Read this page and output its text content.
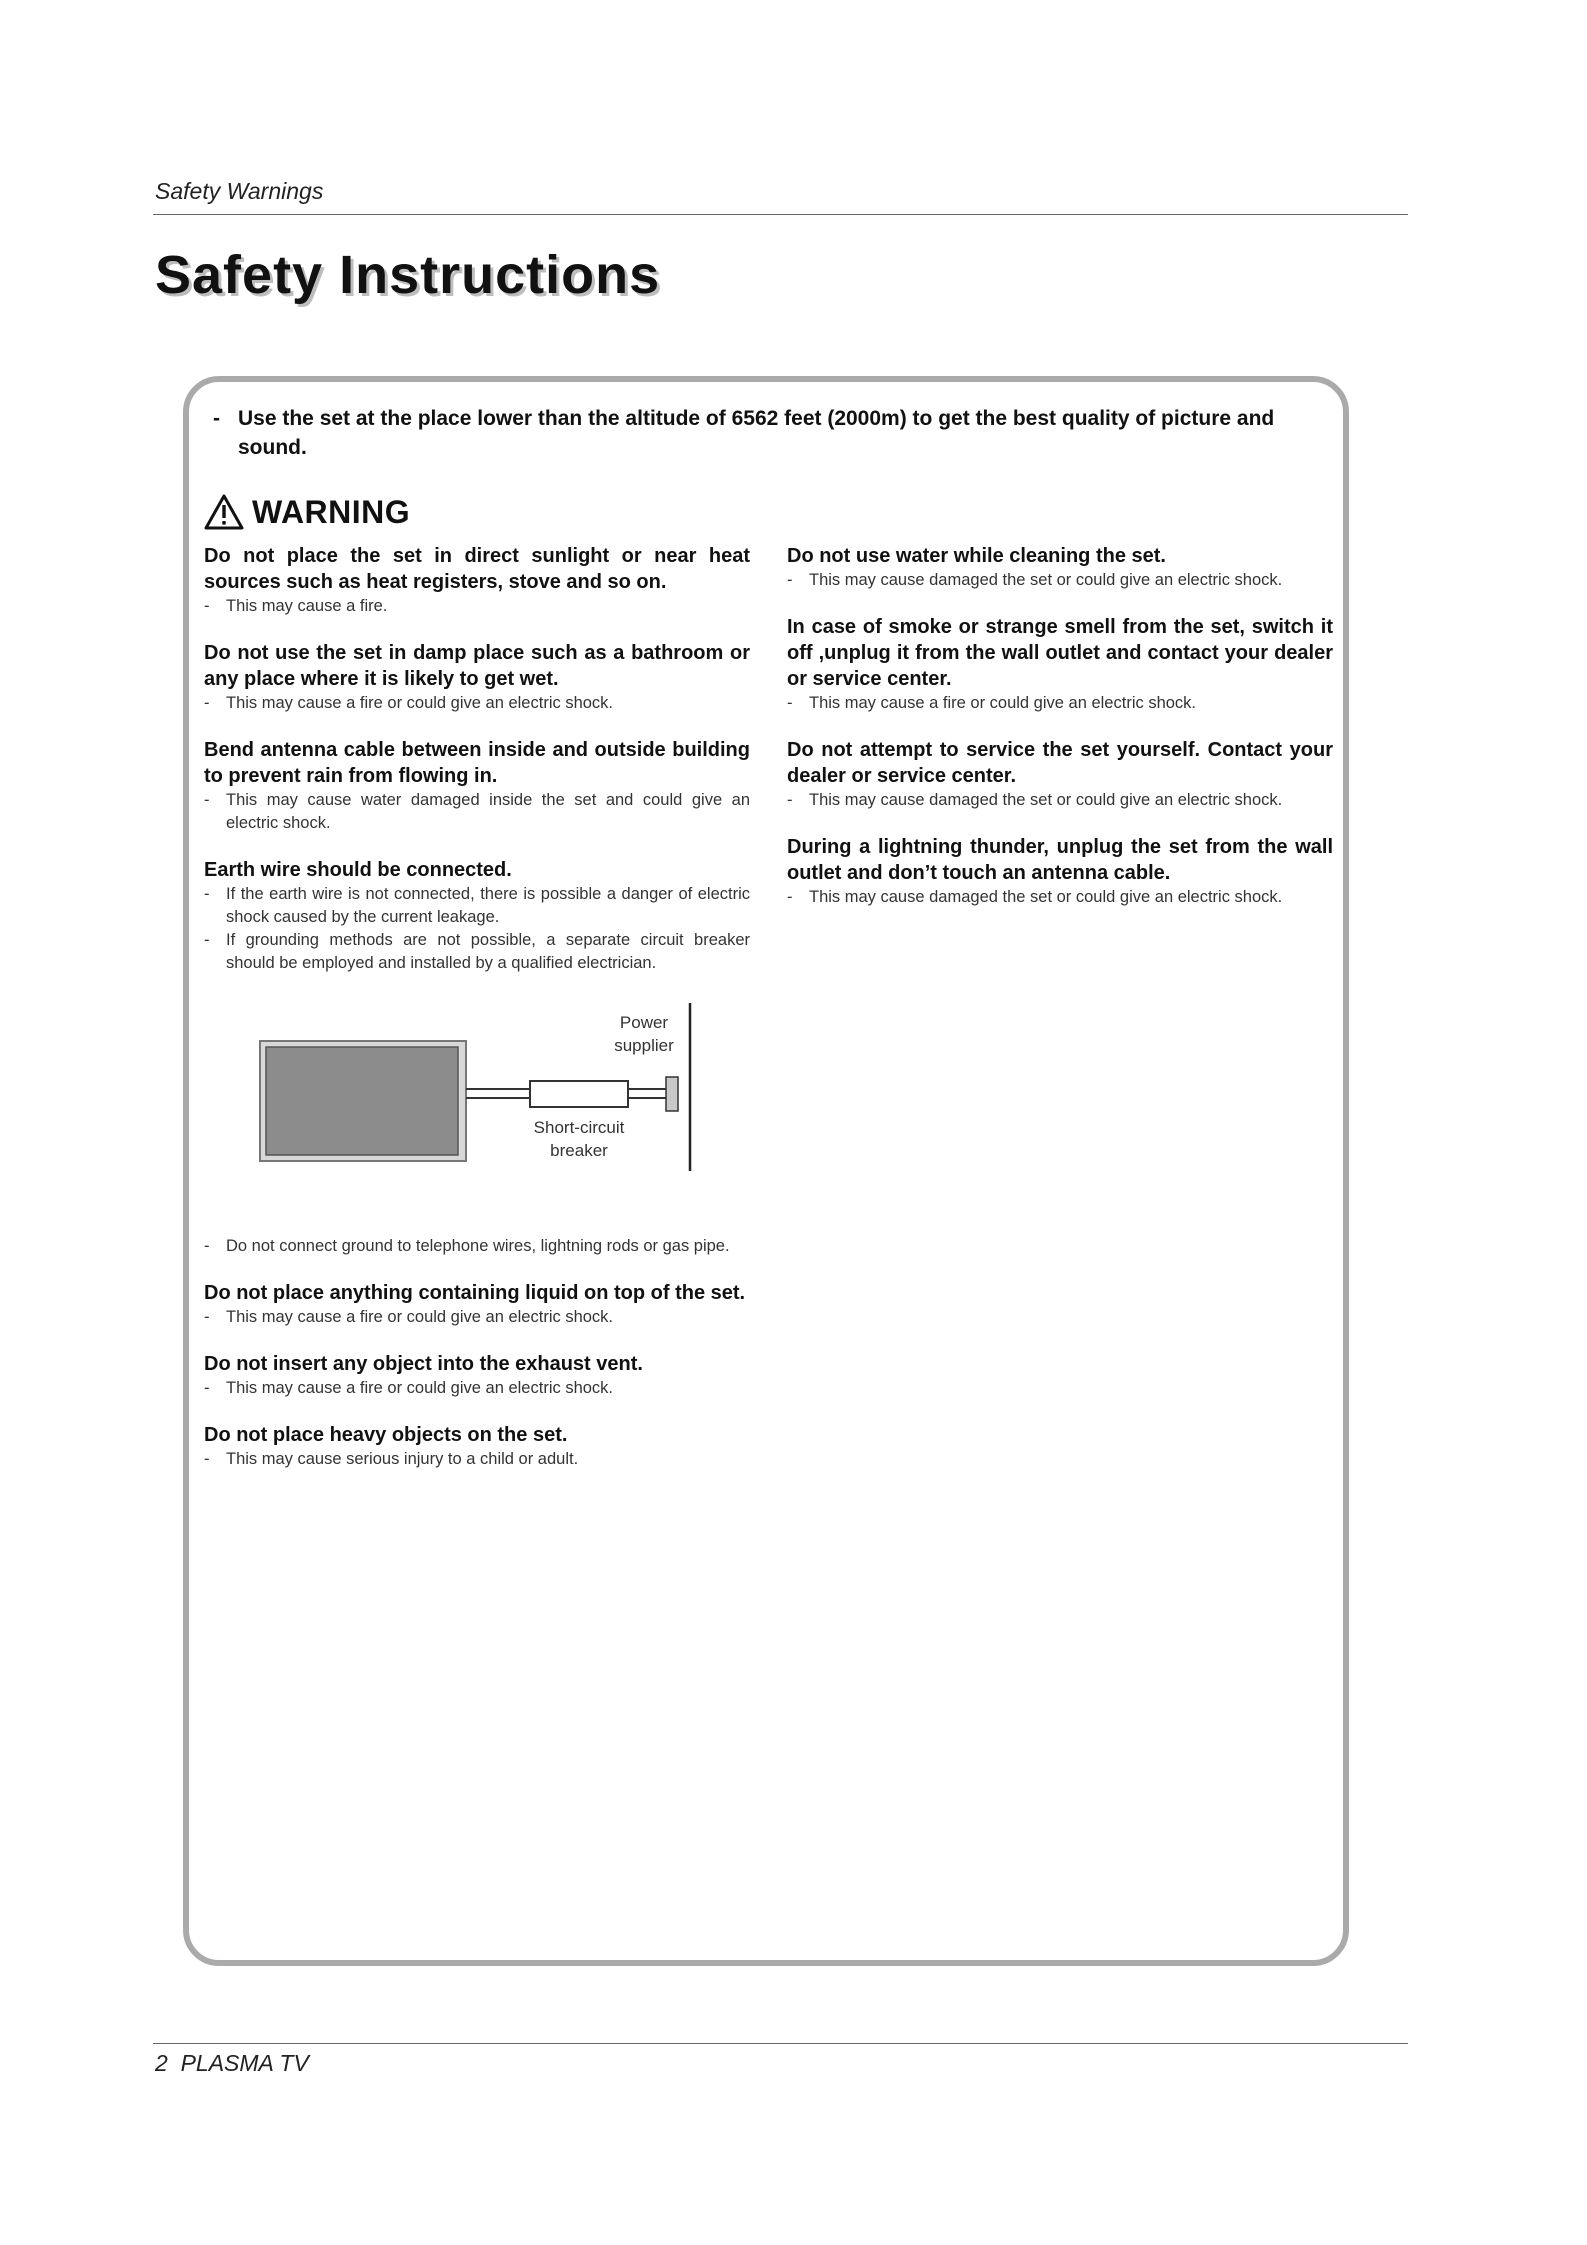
Safety Warnings
Safety Instructions
- Use the set at the place lower than the altitude of 6562 feet (2000m) to get the best quality of picture and sound.
WARNING
Do not place the set in direct sunlight or near heat sources such as heat registers, stove and so on.
- This may cause a fire.
Do not use the set in damp place such as a bathroom or any place where it is likely to get wet.
- This may cause a fire or could give an electric shock.
Bend antenna cable between inside and outside building to prevent rain from flowing in.
- This may cause water damaged inside the set and could give an electric shock.
Earth wire should be connected.
- If the earth wire is not connected, there is possible a danger of electric shock caused by the current leakage.
- If grounding methods are not possible, a separate circuit breaker should be employed and installed by a qualified electrician.
Power
supplier
Short-circuit
breaker
- Do not connect ground to telephone wires, lightning rods or gas pipe.
Do not place anything containing liquid on top of the set.
- This may cause a fire or could give an electric shock.
Do not insert any object into the exhaust vent.
- This may cause a fire or could give an electric shock.
Do not place heavy objects on the set.
- This may cause serious injury to a child or adult.
Do not use water while cleaning the set.
- This may cause damaged the set or could give an electric shock.
In case of smoke or strange smell from the set, switch it off ,unplug it from the wall outlet and contact your dealer or service center.
- This may cause a fire or could give an electric shock.
Do not attempt to service the set yourself. Contact your dealer or service center.
- This may cause damaged the set or could give an electric shock.
During a lightning thunder, unplug the set from the wall outlet and don’t touch an antenna cable.
- This may cause damaged the set or could give an electric shock.
2  PLASMA TV
